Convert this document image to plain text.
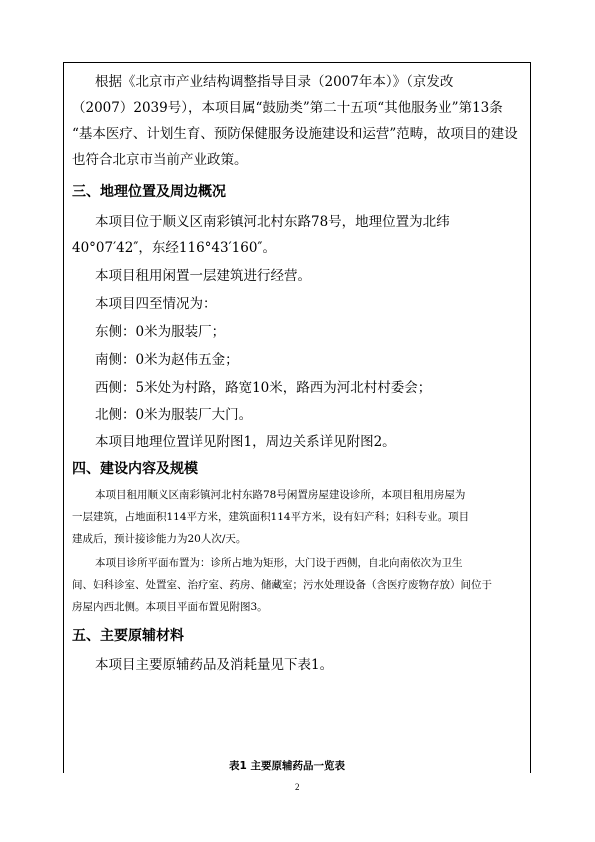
根据《北京市产业结构调整指导目录（2007年本）》（京发改
（2007）2039号），本项目属“鼓励类”第二十五项“其他服务业”第13条
“基本医疗、计划生育、预防保健服务设施建设和运营”范畴，故项目的建设
也符合北京市当前产业政策。
三、地理位置及周边概况
本项目位于顺义区南彩镇河北村东路78号，地理位置为北纬
40°07′42″，东经116°43′160″。
本项目租用闲置一层建筑进行经营。
本项目四至情况为：
东侧：0米为服装厂；
南侧：0米为赵伟五金；
西侧：5米处为村路，路宽10米，路西为河北村村委会；
北侧：0米为服装厂大门。
本项目地理位置详见附图1，周边关系详见附图2。
四、建设内容及规模
本项目租用顺义区南彩镇河北村东路78号闲置房屋建设诊所，本项目租用房屋为
一层建筑，占地面积114平方米，建筑面积114平方米，设有妇产科；妇科专业。项目
建成后，预计接诊能力为20人次/天。
本项目诊所平面布置为：诊所占地为矩形，大门设于西侧，自北向南依次为卫生
间、妇科诊室、处置室、治疗室、药房、储藏室；污水处理设备（含医疗废物存放）间位于
房屋内西北侧。本项目平面布置见附图3。
五、主要原辅材料
本项目主要原辅药品及消耗量见下表1。
表1 主要原辅药品一览表
2
